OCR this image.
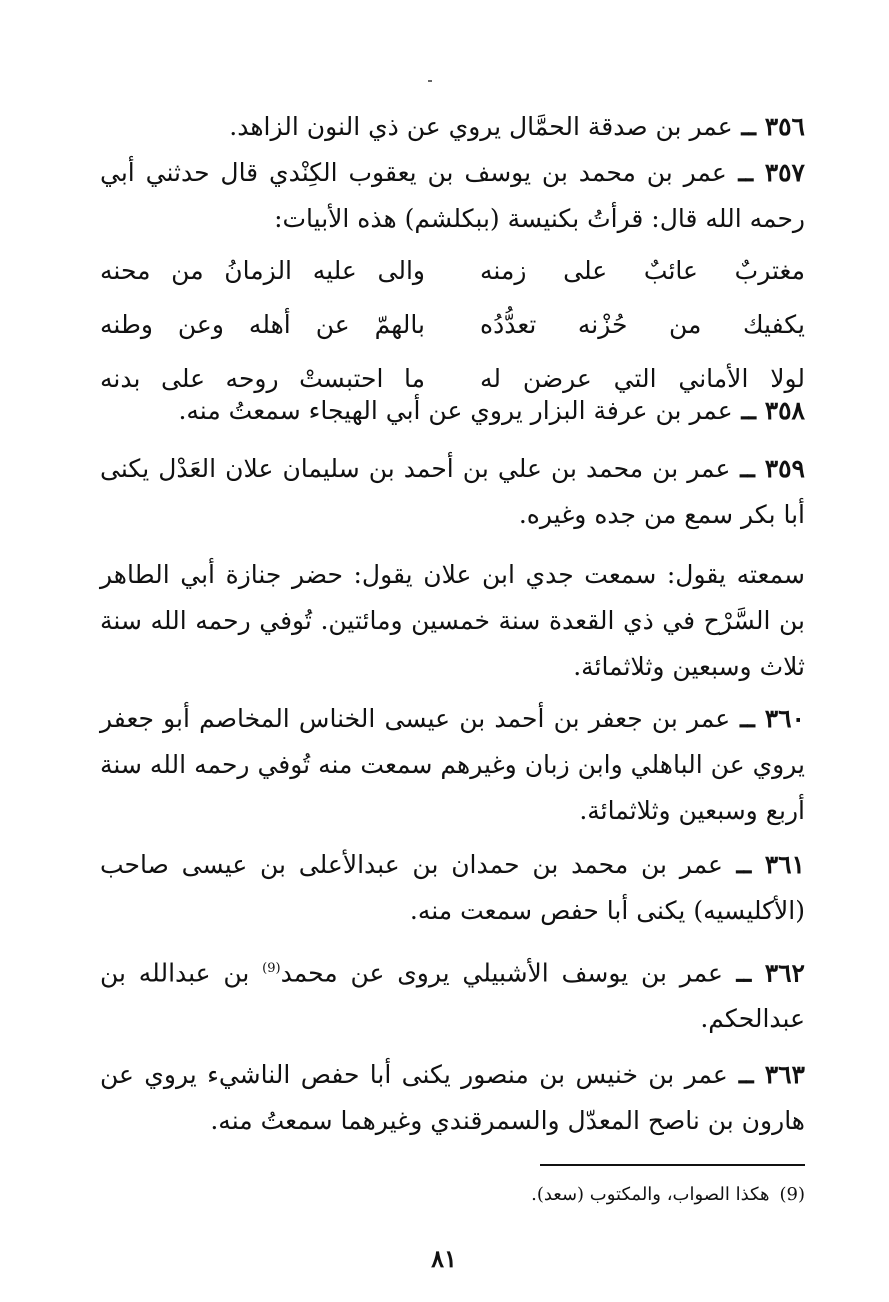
٣٥٦ ــ عمر بن صدقة الحمَّال يروي عن ذي النون الزاهد.

٣٥٧ ــ عمر بن محمد بن يوسف بن يعقوب الكِنْدي قال حدثني أبي رحمه الله قال: قرأتُ بكنيسة (ببكلشم) هذه الأبيات:

مغتربٌ عائبٌ على زمنه
والى عليه الزمانُ من محنه
يكفيك من حُزْنه تعدُّدُه
بالهمّ عن أهله وعن وطنه
لولا الأماني التي عرضن له
ما احتبستْ روحه على بدنه

٣٥٨ ــ عمر بن عرفة البزار يروي عن أبي الهيجاء سمعتُ منه.

٣٥٩ ــ عمر بن محمد بن علي بن أحمد بن سليمان علان العَدْل يكنى أبا بكر سمع من جده وغيره.

سمعته يقول: سمعت جدي ابن علان يقول: حضر جنازة أبي الطاهر بن السَّرْح في ذي القعدة سنة خمسين ومائتين. تُوفي رحمه الله سنة ثلاث وسبعين وثلاثمائة.

٣٦٠ ــ عمر بن جعفر بن أحمد بن عيسى الخناس المخاصم أبو جعفر يروي عن الباهلي وابن زبان وغيرهم سمعت منه تُوفي رحمه الله سنة أربع وسبعين وثلاثمائة.

٣٦١ ــ عمر بن محمد بن حمدان بن عبدالأعلى بن عيسى صاحب (الأكليسيه) يكنى أبا حفص سمعت منه.

٣٦٢ ــ عمر بن يوسف الأشبيلي يروى عن محمد$^{(9)}$ بن عبدالله بن عبدالحكم.

٣٦٣ ــ عمر بن خنيس بن منصور يكنى أبا حفص الناشيء يروي عن هارون بن ناصح المعدّل والسمرقندي وغيرهما سمعتُ منه.

(9)هكذا الصواب، والمكتوب (سعد).

٨١
